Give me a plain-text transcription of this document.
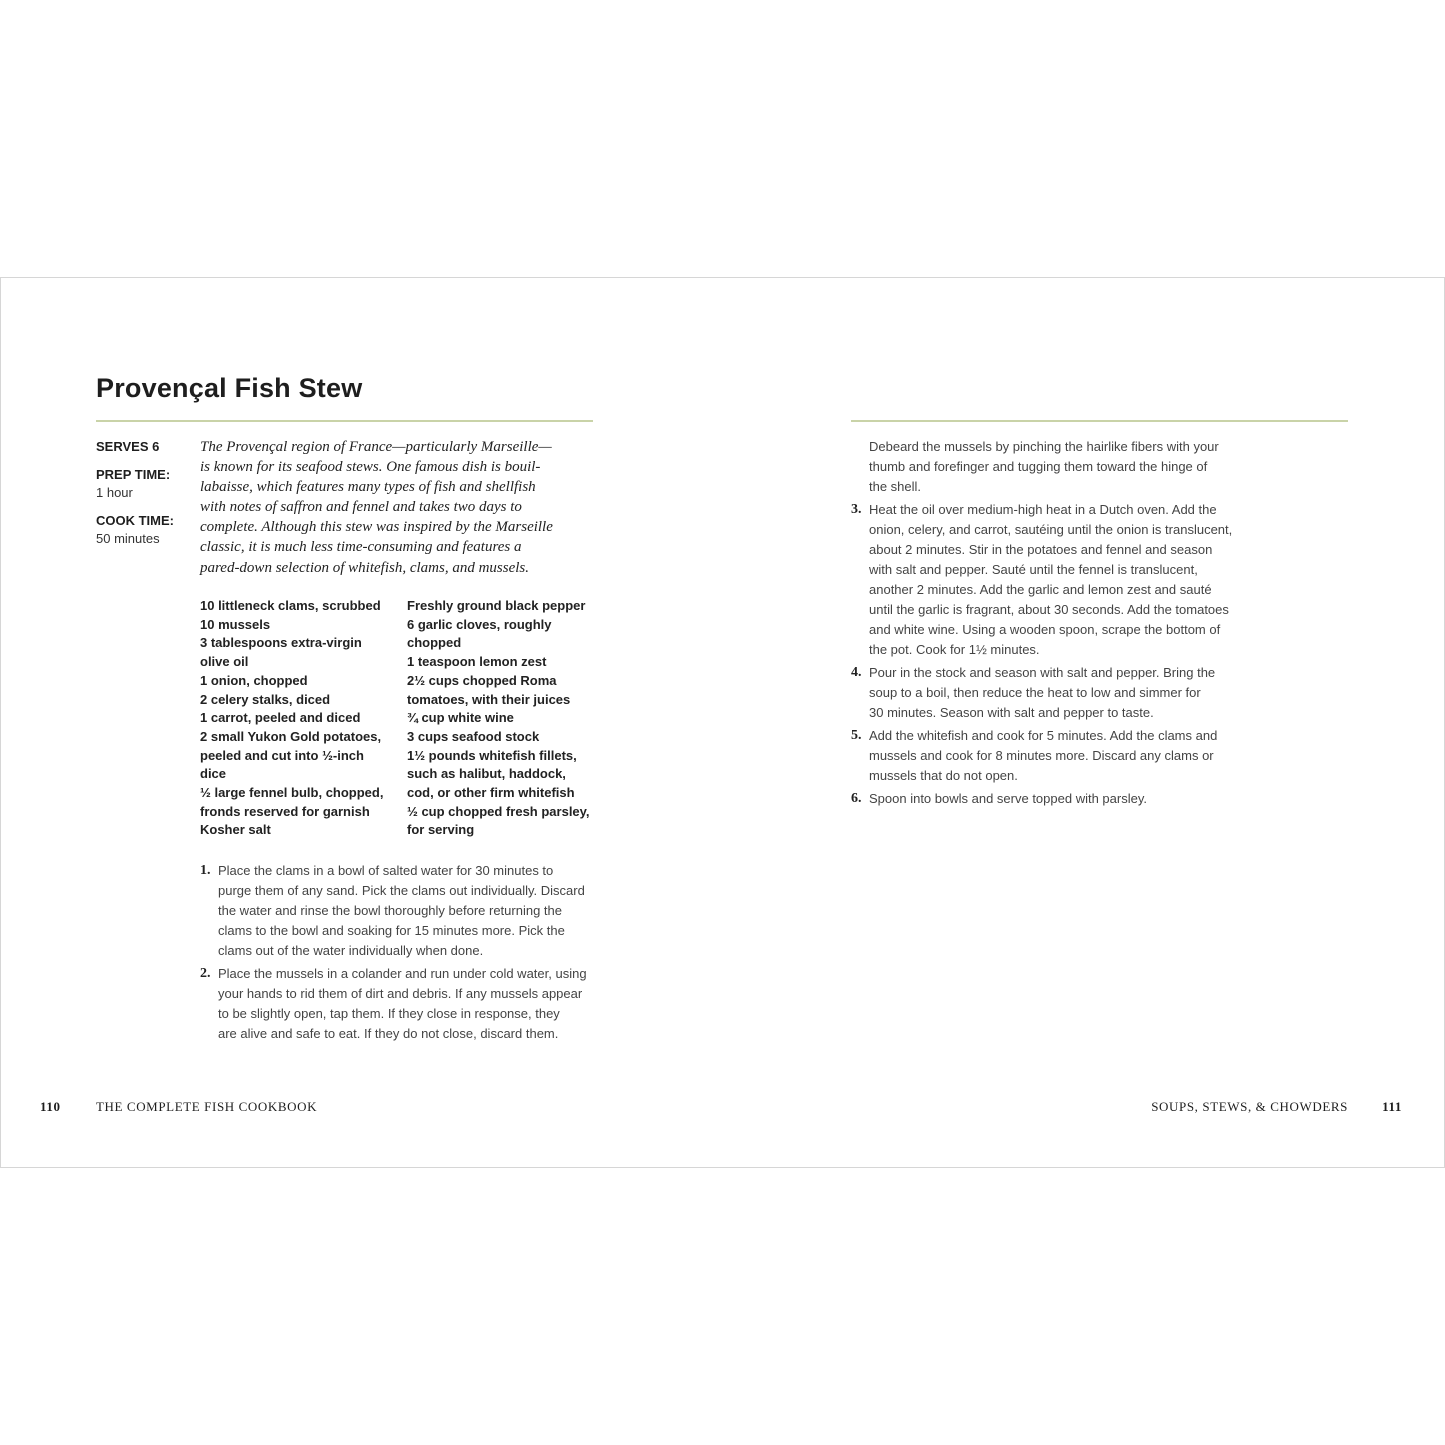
Provençal Fish Stew
SERVES 6
PREP TIME:
1 hour
COOK TIME:
50 minutes
The Provençal region of France—particularly Marseille—
is known for its seafood stews. One famous dish is bouil-
labaisse, which features many types of fish and shellfish
with notes of saffron and fennel and takes two days to
complete. Although this stew was inspired by the Marseille
classic, it is much less time-consuming and features a
pared-down selection of whitefish, clams, and mussels.
10 littleneck clams, scrubbed
10 mussels
3 tablespoons extra-virgin
olive oil
1 onion, chopped
2 celery stalks, diced
1 carrot, peeled and diced
2 small Yukon Gold potatoes,
peeled and cut into ½-inch
dice
½ large fennel bulb, chopped,
fronds reserved for garnish
Kosher salt
Freshly ground black pepper
6 garlic cloves, roughly
chopped
1 teaspoon lemon zest
2½ cups chopped Roma
tomatoes, with their juices
¾ cup white wine
3 cups seafood stock
1½ pounds whitefish fillets,
such as halibut, haddock,
cod, or other firm whitefish
½ cup chopped fresh parsley,
for serving
1. Place the clams in a bowl of salted water for 30 minutes to
purge them of any sand. Pick the clams out individually. Discard
the water and rinse the bowl thoroughly before returning the
clams to the bowl and soaking for 15 minutes more. Pick the
clams out of the water individually when done.
2. Place the mussels in a colander and run under cold water, using
your hands to rid them of dirt and debris. If any mussels appear
to be slightly open, tap them. If they close in response, they
are alive and safe to eat. If they do not close, discard them.
Debeard the mussels by pinching the hairlike fibers with your
thumb and forefinger and tugging them toward the hinge of
the shell.
3. Heat the oil over medium-high heat in a Dutch oven. Add the
onion, celery, and carrot, sautéing until the onion is translucent,
about 2 minutes. Stir in the potatoes and fennel and season
with salt and pepper. Sauté until the fennel is translucent,
another 2 minutes. Add the garlic and lemon zest and sauté
until the garlic is fragrant, about 30 seconds. Add the tomatoes
and white wine. Using a wooden spoon, scrape the bottom of
the pot. Cook for 1½ minutes.
4. Pour in the stock and season with salt and pepper. Bring the
soup to a boil, then reduce the heat to low and simmer for
30 minutes. Season with salt and pepper to taste.
5. Add the whitefish and cook for 5 minutes. Add the clams and
mussels and cook for 8 minutes more. Discard any clams or
mussels that do not open.
6. Spoon into bowls and serve topped with parsley.
110	THE COMPLETE FISH COOKBOOK	SOUPS, STEWS, & CHOWDERS	111
